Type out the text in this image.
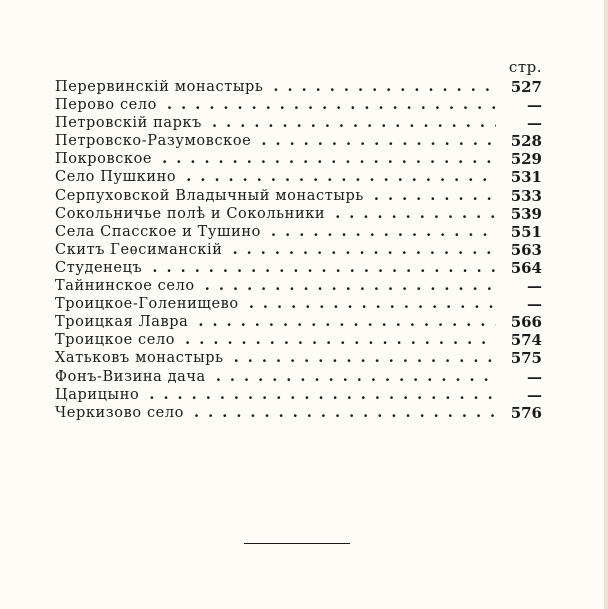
стр.
Перервинскій монастырь . .	527
Перово село . .	—
Петровскій паркъ . .	—
Петровско-Разумовское . .	528
Покровское . .	529
Село Пушкино . .	531
Серпуховской Владычный монастырь . .	533
Сокольничье полѣ и Сокольники . .	539
Села Спасское и Тушино . .	551
Скитъ Геѳсиманскій . .	563
Студенецъ . .	564
Тайнинское село . .	—
Троицкое-Голенищево . .	—
Троицкая Лавра . .	566
Троицкое село . .	574
Хатьковъ монастырь . .	575
Фонъ-Визина дача . .	—
Царицыно . .	—
Черкизово село . .	576
